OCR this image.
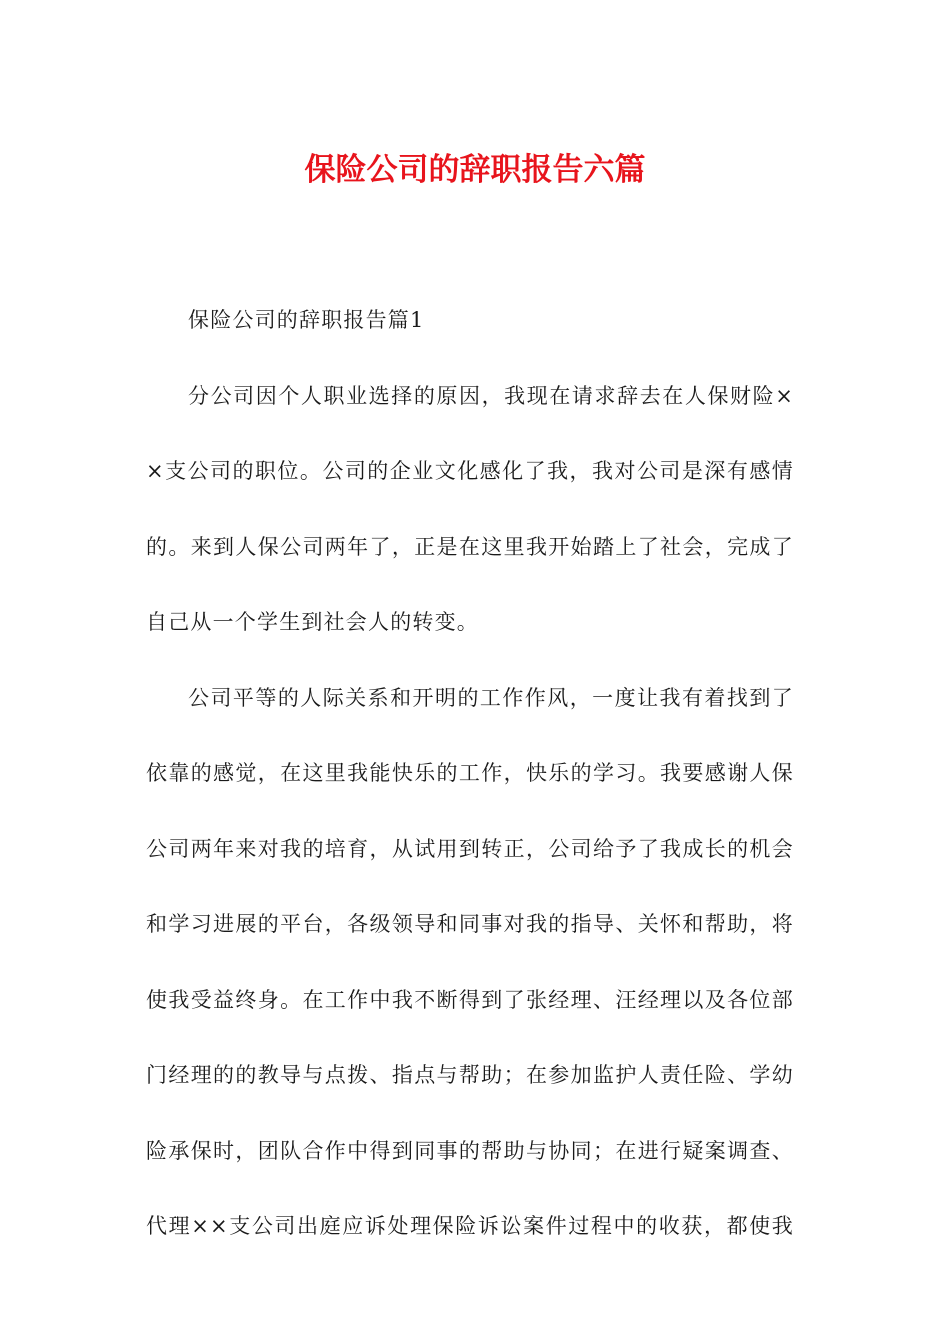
保险公司的辞职报告六篇

保险公司的辞职报告篇1

分公司因个人职业选择的原因，我现在请求辞去在人保财险×
×支公司的职位。公司的企业文化感化了我，我对公司是深有感情
的。来到人保公司两年了，正是在这里我开始踏上了社会，完成了
自己从一个学生到社会人的转变。

公司平等的人际关系和开明的工作作风，一度让我有着找到了
依靠的感觉，在这里我能快乐的工作，快乐的学习。我要感谢人保
公司两年来对我的培育，从试用到转正，公司给予了我成长的机会
和学习进展的平台，各级领导和同事对我的指导、关怀和帮助，将
使我受益终身。在工作中我不断得到了张经理、汪经理以及各位部
门经理的的教导与点拨、指点与帮助；在参加监护人责任险、学幼
险承保时，团队合作中得到同事的帮助与协同；在进行疑案调查、
代理××支公司出庭应诉处理保险诉讼案件过程中的收获，都使我
